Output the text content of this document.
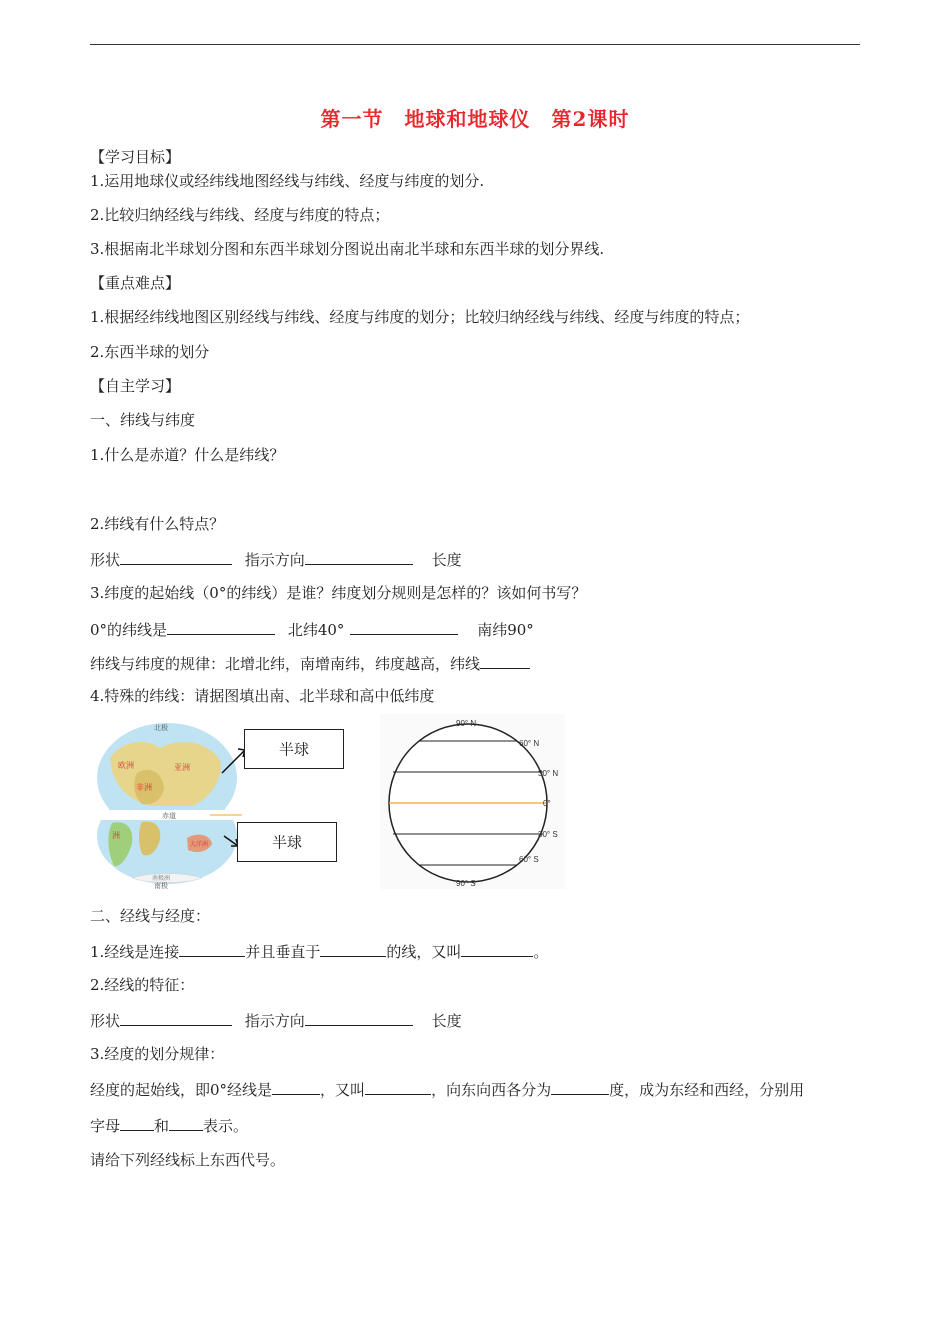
第一节　地球和地球仪　第2课时
【学习目标】
1.运用地球仪或经纬线地图经线与纬线、经度与纬度的划分.
2.比较归纳经线与纬线、经度与纬度的特点；
3.根据南北半球划分图和东西半球划分图说出南北半球和东西半球的划分界线.
【重点难点】
1.根据经纬线地图区别经线与纬线、经度与纬度的划分；比较归纳经线与纬线、经度与纬度的特点；
2.东西半球的划分
【自主学习】
一、纬线与纬度
1.什么是赤道？什么是纬线？
2.纬线有什么特点？
形状	指示方向	长度
3.纬度的起始线（0°的纬线）是谁？纬度划分规则是怎样的？该如何书写？
0°的纬线是	北纬40°	南纬90°
纬线与纬度的规律：北增北纬，南增南纬，纬度越高，纬线
4.特殊的纬线：请据图填出南、北半球和高中低纬度
北极
赤道
南极
欧洲	亚洲
非洲
洲
大洋洲
南极洲
半球
半球
90° N
60° N
30° N
0°
30° S
60° S
90° S
二、经线与经度：
1.经线是连接	并且垂直于	的线，又叫	。
2.经线的特征：
形状	指示方向	长度
3.经度的划分规律：
经度的起始线，即0°经线是	，又叫	，向东向西各分为	度，成为东经和西经，分别用
字母 和 表示。
请给下列经线标上东西代号。
